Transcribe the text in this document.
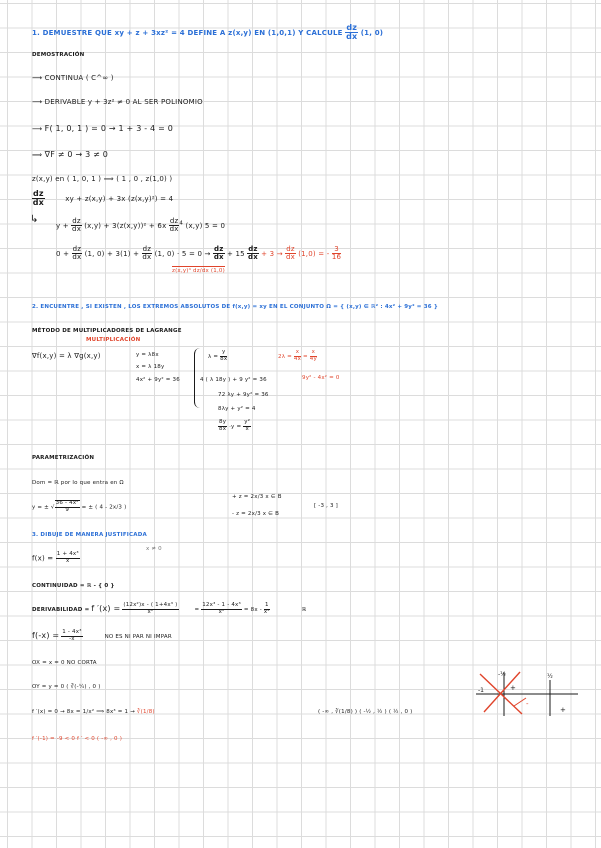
1. DEMUESTRE QUE xy + z + 3xz² = 4 DEFINE A z(x,y) EN (1,0,1) Y CALCULE $\frac{dz}{dx} (1$, 0)
DEMOSTRACIÓN
⟶ CONTINUA ( C^∞ )
⟶ DERIVABLE y + 3z² ≠ 0 AL SER POLINOMIO
⟶ F( 1, 0, 1 ) = 0 → 1 + 3 - 4 = 0
⟹ ∇F ≠ 0 → 3 ≠ 0
z(x,y) en ( 1, 0, 1 ) ⟹ ( 1 , 0 , z(1,0) )
$\frac{dz}{dx}$	xy + z(x,y) + 3x (z(x,y)²) = 4
↳
$y + \frac{dz}{dx} (x,y) + 3(z(x,y))^2 + 6x \frac{dz}{dx} ^4$ (x,y) 5 = 0
$0 + \frac{dz}{dx} (1$, $0) + 3(1) + \frac{dz}{dx} (1$, $0) \cdot 5 = 0 \to \frac{dz}{dx} + 15 \frac{dz}{dx} + 3 \to \frac{dz}{dx} (1,0)$ = - $\frac{3}{16}$
z(x,y)⁴ dz/dx (1,0)
2. ENCUENTRE , SI EXISTEN , LOS EXTREMOS ABSOLUTOS DE f(x,y) = xy EN EL CONJUNTO Ω = { (x,y) ∈ ℝ² : 4x² + 9y² = 36 }
MÉTODO DE MULTIPLICADORES DE LAGRANGE
MULTIPLICACIÓN
∇f(x,y) = λ ∇g(x,y)	y = λ8x
x = λ 18y
4x² + 9y² = 36
$\lambda = \frac{y}{8x}$	$2\lambda = \frac{x}{4x} = \frac{x}{4y}$
9y² - 4x² = 0
4 ( λ 18y ) + 9 y² = 36
72 λy + 9y² = 36
8λy + y² = 4
$\frac{8y}{8x} \cdot y = \frac{\text{y²}}{x}$
PARAMETRIZACIÓN
Dom = ℝ por lo que entra en Ω
y = ± √ $\frac{\text{36 - 4x²}}{9}$ = ± ( 4 - 2x/3 )
+ z = 2x/3 x ∈ B
- z = 2x/3 x ∈ B
[ -3 , 3 ]
3. DIBUJE DE MANERA JUSTIFICADA
$f(x) = \frac{\text{1 + 4x³}}{x}$
x ≠ 0
CONTINUIDAD = ℝ - { 0 }
DERIVABILIDAD = f $'(x) = \frac{\text{(12x²)x - ( 1+4x³ )}}{\text{x²}}$	= $\frac{\text{12x³ - 1 - 4x³}}{\text{x²}} = 8x - \frac{1}{\text{x²}}$	ℝ
$f(-x) = \frac{\text{1 - 4x³}}{-x}$	NO ES NI PAR NI IMPAR
OX = x = 0 NO CORTA
OY = y = 0 ( ∛(-¼) , 0 )
f ′(x) = 0 → 8x = 1/x² ⟹ 8x³ = 1 → ∛(1/8)	( -∞ , ∛(1/8) ) ( -½ , ½ ) ( ½ , 0 )
f ′(-1) = -9 < 0 f ′ < 0 ( -∞ , 0 )
-½	½
-1	+
-
+
